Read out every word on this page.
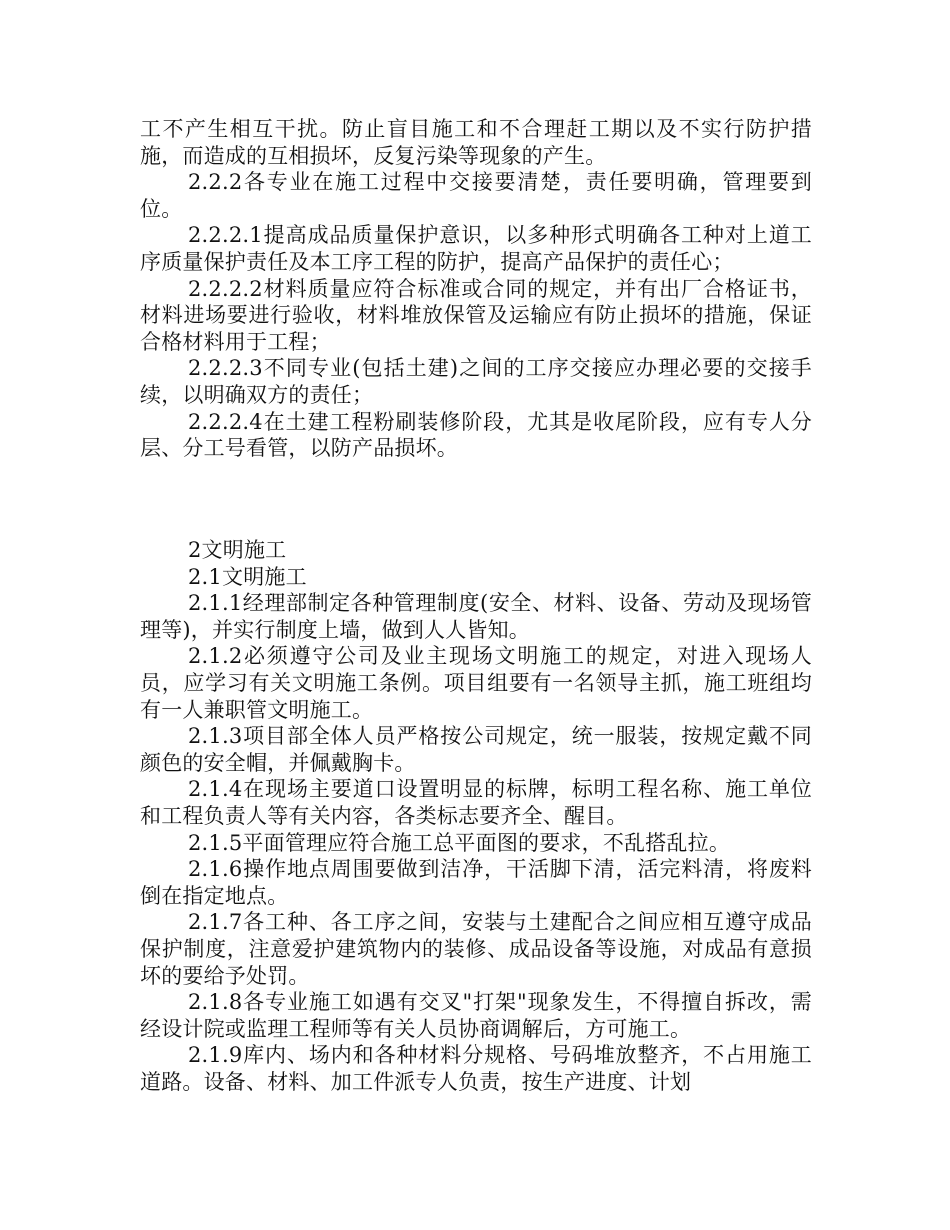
工不产生相互干扰。防止盲目施工和不合理赶工期以及不实行防护措施，而造成的互相损坏，反复污染等现象的产生。

2.2.2各专业在施工过程中交接要清楚，责任要明确，管理要到位。

2.2.2.1提高成品质量保护意识，以多种形式明确各工种对上道工序质量保护责任及本工序工程的防护，提高产品保护的责任心；

2.2.2.2材料质量应符合标准或合同的规定，并有出厂合格证书，材料进场要进行验收，材料堆放保管及运输应有防止损坏的措施，保证合格材料用于工程；

2.2.2.3不同专业(包括土建)之间的工序交接应办理必要的交接手续，以明确双方的责任；

2.2.2.4在土建工程粉刷装修阶段，尤其是收尾阶段，应有专人分层、分工号看管，以防产品损坏。

2文明施工

2.1文明施工

2.1.1经理部制定各种管理制度(安全、材料、设备、劳动及现场管理等)，并实行制度上墙，做到人人皆知。

2.1.2必须遵守公司及业主现场文明施工的规定，对进入现场人员，应学习有关文明施工条例。项目组要有一名领导主抓，施工班组均有一人兼职管文明施工。

2.1.3项目部全体人员严格按公司规定，统一服装，按规定戴不同颜色的安全帽，并佩戴胸卡。

2.1.4在现场主要道口设置明显的标牌，标明工程名称、施工单位和工程负责人等有关内容，各类标志要齐全、醒目。

2.1.5平面管理应符合施工总平面图的要求，不乱搭乱拉。

2.1.6操作地点周围要做到洁净，干活脚下清，活完料清，将废料倒在指定地点。

2.1.7各工种、各工序之间，安装与土建配合之间应相互遵守成品保护制度，注意爱护建筑物内的装修、成品设备等设施，对成品有意损坏的要给予处罚。

2.1.8各专业施工如遇有交叉"打架"现象发生，不得擅自拆改，需经设计院或监理工程师等有关人员协商调解后，方可施工。

2.1.9库内、场内和各种材料分规格、号码堆放整齐，不占用施工道路。设备、材料、加工件派专人负责，按生产进度、计划
